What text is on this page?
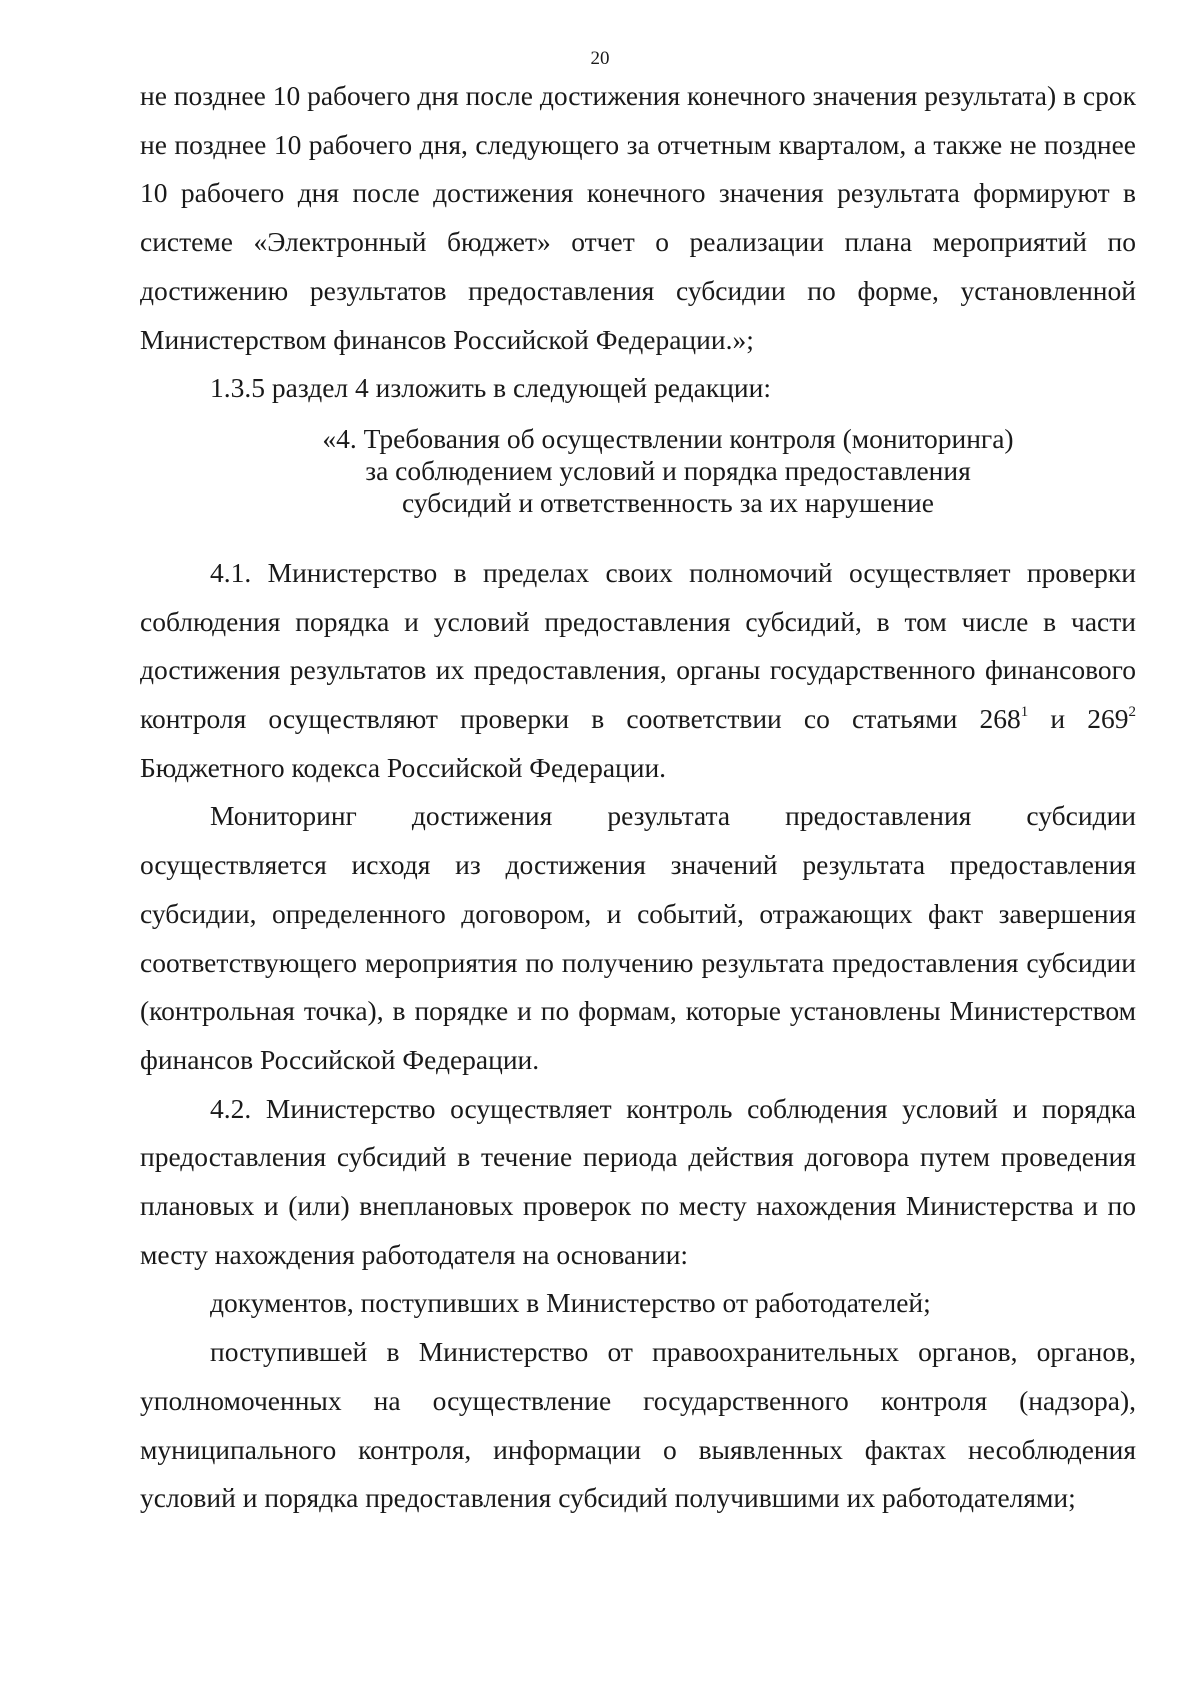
20

не позднее 10 рабочего дня после достижения конечного значения результата) в срок не позднее 10 рабочего дня, следующего за отчетным кварталом, а также не позднее 10 рабочего дня после достижения конечного значения результата формируют в системе «Электронный бюджет» отчет о реализации плана мероприятий по достижению результатов предоставления субсидии по форме, установленной Министерством финансов Российской Федерации.»;

1.3.5 раздел 4 изложить в следующей редакции:

«4. Требования об осуществлении контроля (мониторинга)
за соблюдением условий и порядка предоставления
субсидий и ответственность за их нарушение

4.1. Министерство в пределах своих полномочий осуществляет проверки соблюдения порядка и условий предоставления субсидий, в том числе в части достижения результатов их предоставления, органы государственного финансового контроля осуществляют проверки в соответствии со статьями $268^1$ и $269^2$ Бюджетного кодекса Российской Федерации.

Мониторинг достижения результата предоставления субсидии осуществляется исходя из достижения значений результата предоставления субсидии, определенного договором, и событий, отражающих факт завершения соответствующего мероприятия по получению результата предоставления субсидии (контрольная точка), в порядке и по формам, которые установлены Министерством финансов Российской Федерации.

4.2. Министерство осуществляет контроль соблюдения условий и порядка предоставления субсидий в течение периода действия договора путем проведения плановых и (или) внеплановых проверок по месту нахождения Министерства и по месту нахождения работодателя на основании:

документов, поступивших в Министерство от работодателей;

поступившей в Министерство от правоохранительных органов, органов, уполномоченных на осуществление государственного контроля (надзора), муниципального контроля, информации о выявленных фактах несоблюдения условий и порядка предоставления субсидий получившими их работодателями;
